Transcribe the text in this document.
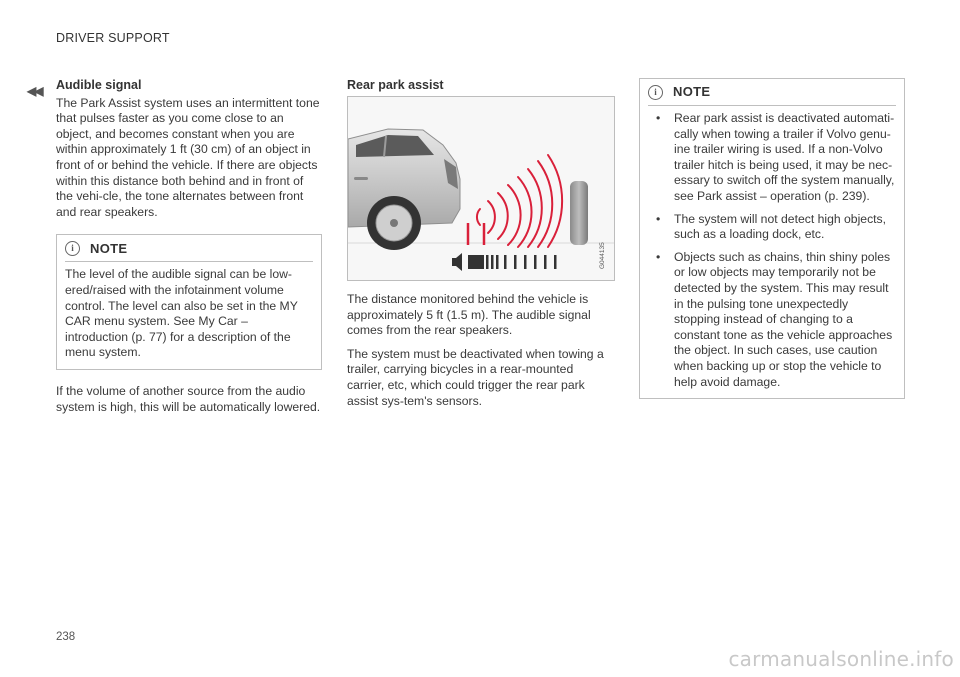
DRIVER SUPPORT
◀◀ Audible signal

The Park Assist system uses an intermittent tone that pulses faster as you come close to an object, and becomes constant when you are within approximately 1 ft (30 cm) of an object in front of or behind the vehicle. If there are objects within this distance both behind and in front of the vehi-cle, the tone alternates between front and rear speakers.

i	NOTE
The level of the audible signal can be low-ered/raised with the infotainment volume control. The level can also be set in the MY CAR menu system. See My Car – introduction (p. 77) for a description of the menu system.

If the volume of another source from the audio system is high, this will be automatically lowered.

Rear park assist
G044135

The distance monitored behind the vehicle is approximately 5 ft (1.5 m). The audible signal comes from the rear speakers.

The system must be deactivated when towing a trailer, carrying bicycles in a rear-mounted carrier, etc, which could trigger the rear park assist sys-tem's sensors.

i	NOTE
• Rear park assist is deactivated automati-cally when towing a trailer if Volvo genu-ine trailer wiring is used. If a non-Volvo trailer hitch is being used, it may be nec-essary to switch off the system manually, see Park assist – operation (p. 239).
• The system will not detect high objects, such as a loading dock, etc.
• Objects such as chains, thin shiny poles or low objects may temporarily not be detected by the system. This may result in the pulsing tone unexpectedly stopping instead of changing to a constant tone as the vehicle approaches the object. In such cases, use caution when backing up or stop the vehicle to help avoid damage.
238
carmanualsonline.info
